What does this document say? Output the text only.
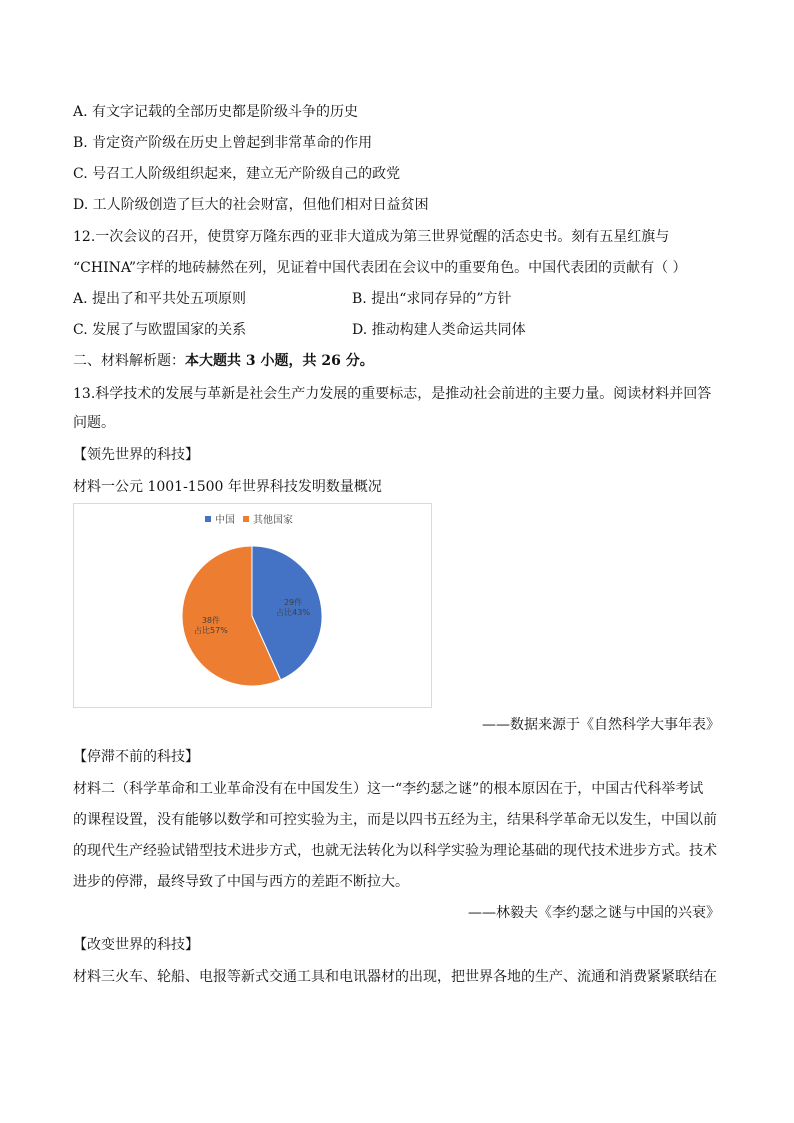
A. 有文字记载的全部历史都是阶级斗争的历史
B. 肯定资产阶级在历史上曾起到非常革命的作用
C. 号召工人阶级组织起来，建立无产阶级自己的政党
D. 工人阶级创造了巨大的社会财富，但他们相对日益贫困
12.一次会议的召开，使贯穿万隆东西的亚非大道成为第三世界觉醒的活态史书。刻有五星红旗与
“CHINA”字样的地砖赫然在列，见证着中国代表团在会议中的重要角色。中国代表团的贡献有（ ）
A. 提出了和平共处五项原则	B. 提出“求同存异的”方针
C. 发展了与欧盟国家的关系	D. 推动构建人类命运共同体
二、材料解析题：本大题共 3 小题，共 26 分。
13.科学技术的发展与革新是社会生产力发展的重要标志，是推动社会前进的主要力量。阅读材料并回答
问题。
【领先世界的科技】
材料一公元 1001-1500 年世界科技发明数量概况
中国 其他国家
29件占比43%
38件占比57%
——数据来源于《自然科学大事年表》
【停滞不前的科技】
材料二（科学革命和工业革命没有在中国发生）这一“李约瑟之谜”的根本原因在于，中国古代科举考试
的课程设置，没有能够以数学和可控实验为主，而是以四书五经为主，结果科学革命无以发生，中国以前
的现代生产经验试错型技术进步方式，也就无法转化为以科学实验为理论基础的现代技术进步方式。技术
进步的停滞，最终导致了中国与西方的差距不断拉大。
——林毅夫《李约瑟之谜与中国的兴衰》
【改变世界的科技】
材料三火车、轮船、电报等新式交通工具和电讯器材的出现，把世界各地的生产、流通和消费紧紧联结在
